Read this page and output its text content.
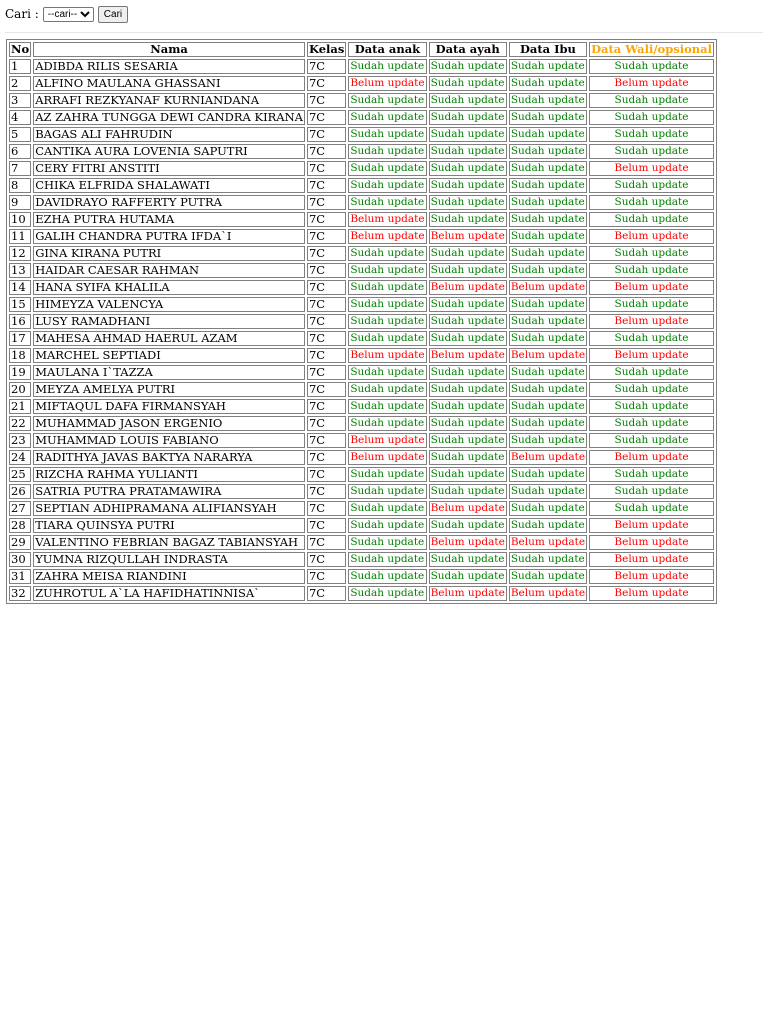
Cari :
--cari--	Cari
No	Nama	Kelas	Data anak	Data ayah	Data Ibu	Data Wali/opsional
1	ADIBDA RILIS SESARIA	7C	Sudah update	Sudah update	Sudah update	Sudah update
2	ALFINO MAULANA GHASSANI	7C	Belum update	Sudah update	Sudah update	Belum update
3	ARRAFI REZKYANAF KURNIANDANA	7C	Sudah update	Sudah update	Sudah update	Sudah update
4	AZ ZAHRA TUNGGA DEWI CANDRA KIRANA	7C	Sudah update	Sudah update	Sudah update	Sudah update
5	BAGAS ALI FAHRUDIN	7C	Sudah update	Sudah update	Sudah update	Sudah update
6	CANTIKA AURA LOVENIA SAPUTRI	7C	Sudah update	Sudah update	Sudah update	Sudah update
7	CERY FITRI ANSTITI	7C	Sudah update	Sudah update	Sudah update	Belum update
8	CHIKA ELFRIDA SHALAWATI	7C	Sudah update	Sudah update	Sudah update	Sudah update
9	DAVIDRAYO RAFFERTY PUTRA	7C	Sudah update	Sudah update	Sudah update	Sudah update
10	EZHA PUTRA HUTAMA	7C	Belum update	Sudah update	Sudah update	Sudah update
11	GALIH CHANDRA PUTRA IFDA`I	7C	Belum update	Belum update	Sudah update	Belum update
12	GINA KIRANA PUTRI	7C	Sudah update	Sudah update	Sudah update	Sudah update
13	HAIDAR CAESAR RAHMAN	7C	Sudah update	Sudah update	Sudah update	Sudah update
14	HANA SYIFA KHALILA	7C	Sudah update	Belum update	Belum update	Belum update
15	HIMEYZA VALENCYA	7C	Sudah update	Sudah update	Sudah update	Sudah update
16	LUSY RAMADHANI	7C	Sudah update	Sudah update	Sudah update	Belum update
17	MAHESA AHMAD HAERUL AZAM	7C	Sudah update	Sudah update	Sudah update	Sudah update
18	MARCHEL SEPTIADI	7C	Belum update	Belum update	Belum update	Belum update
19	MAULANA I`TAZZA	7C	Sudah update	Sudah update	Sudah update	Sudah update
20	MEYZA AMELYA PUTRI	7C	Sudah update	Sudah update	Sudah update	Sudah update
21	MIFTAQUL DAFA FIRMANSYAH	7C	Sudah update	Sudah update	Sudah update	Sudah update
22	MUHAMMAD JASON ERGENIO	7C	Sudah update	Sudah update	Sudah update	Sudah update
23	MUHAMMAD LOUIS FABIANO	7C	Belum update	Sudah update	Sudah update	Sudah update
24	RADITHYA JAVAS BAKTYA NARARYA	7C	Belum update	Sudah update	Belum update	Belum update
25	RIZCHA RAHMA YULIANTI	7C	Sudah update	Sudah update	Sudah update	Sudah update
26	SATRIA PUTRA PRATAMAWIRA	7C	Sudah update	Sudah update	Sudah update	Sudah update
27	SEPTIAN ADHIPRAMANA ALIFIANSYAH	7C	Sudah update	Belum update	Sudah update	Sudah update
28	TIARA QUINSYA PUTRI	7C	Sudah update	Sudah update	Sudah update	Belum update
29	VALENTINO FEBRIAN BAGAZ TABIANSYAH	7C	Sudah update	Belum update	Belum update	Belum update
30	YUMNA RIZQULLAH INDRASTA	7C	Sudah update	Sudah update	Sudah update	Belum update
31	ZAHRA MEISA RIANDINI	7C	Sudah update	Sudah update	Sudah update	Belum update
32	ZUHROTUL A`LA HAFIDHATINNISA`	7C	Sudah update	Belum update	Belum update	Belum update
